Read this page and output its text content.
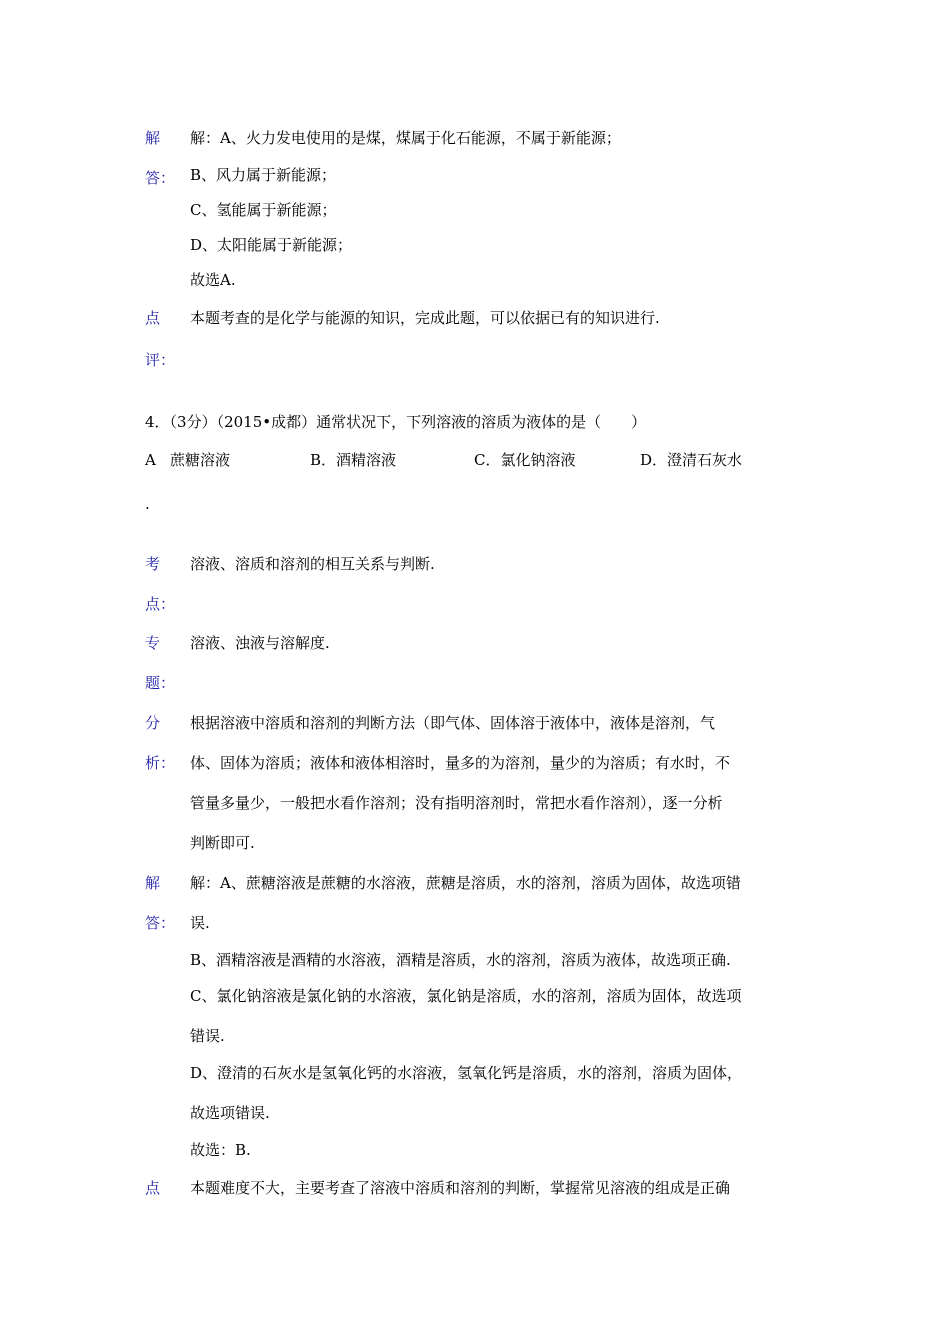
解
答：
解：A、火力发电使用的是煤，煤属于化石能源，不属于新能源；
B、风力属于新能源；
C、氢能属于新能源；
D、太阳能属于新能源；
故选A.
点
评：
本题考查的是化学与能源的知识，完成此题，可以依据已有的知识进行.
4．（3分）（2015•成都）通常状况下，下列溶液的溶质为液体的是（　　）
A 蔗糖溶液
.
B．酒精溶液	C．氯化钠溶液	D．澄清石灰水
考
点：
溶液、溶质和溶剂的相互关系与判断.
专
题：
溶液、浊液与溶解度.
分
析：
根据溶液中溶质和溶剂的判断方法（即气体、固体溶于液体中，液体是溶剂，气
体、固体为溶质；液体和液体相溶时，量多的为溶剂，量少的为溶质；有水时，不
管量多量少，一般把水看作溶剂；没有指明溶剂时，常把水看作溶剂），逐一分析
判断即可.
解
答：
解：A、蔗糖溶液是蔗糖的水溶液，蔗糖是溶质，水的溶剂，溶质为固体，故选项错
误.
B、酒精溶液是酒精的水溶液，酒精是溶质，水的溶剂，溶质为液体，故选项正确.
C、氯化钠溶液是氯化钠的水溶液，氯化钠是溶质，水的溶剂，溶质为固体，故选项
错误.
D、澄清的石灰水是氢氧化钙的水溶液，氢氧化钙是溶质，水的溶剂，溶质为固体，
故选项错误.
故选：B.
点 本题难度不大，主要考查了溶液中溶质和溶剂的判断，掌握常见溶液的组成是正确
